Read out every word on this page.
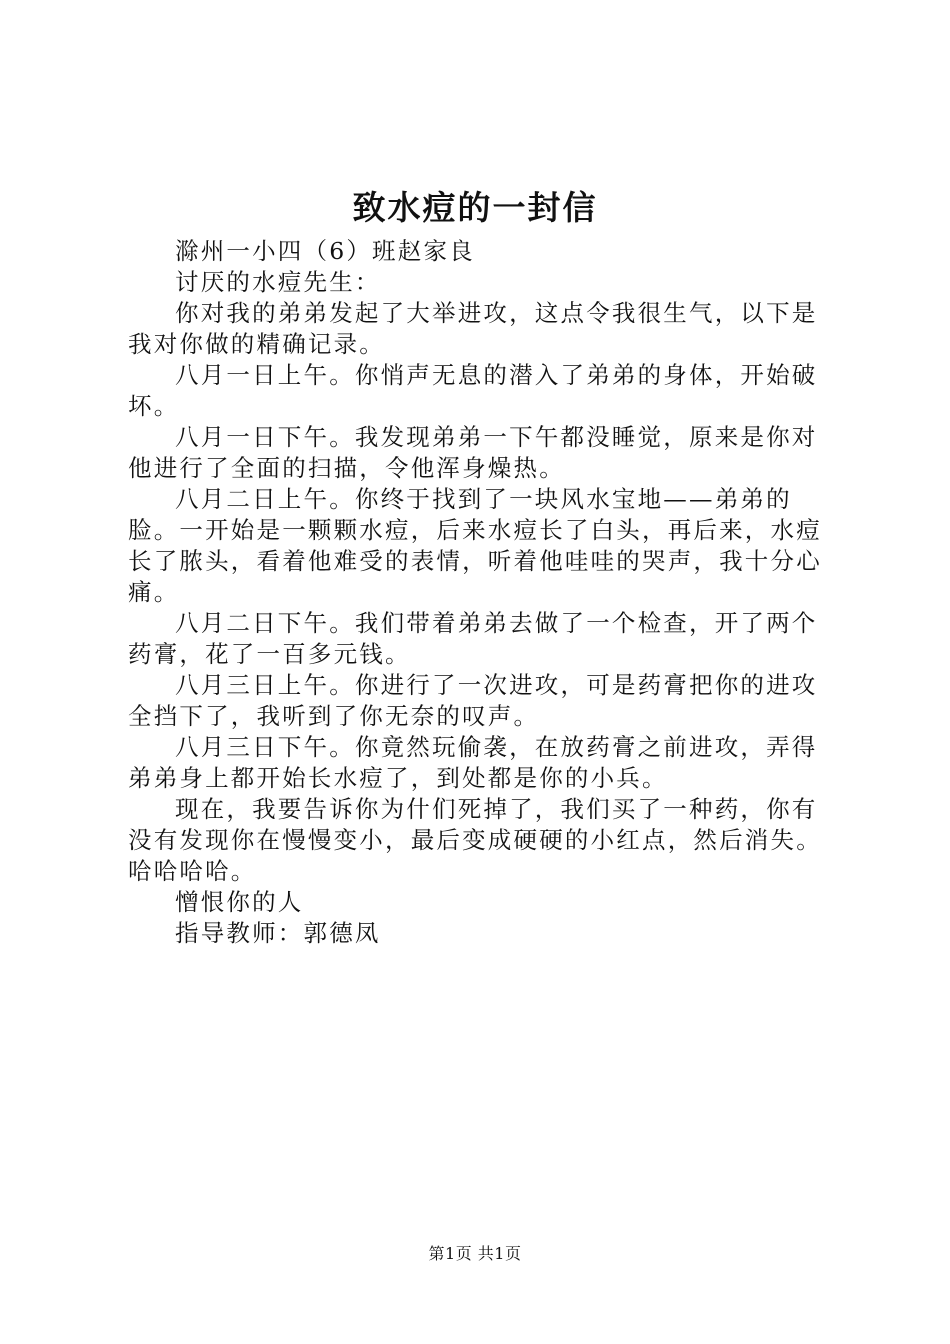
致水痘的一封信

滁州一小四（6）班赵家良

讨厌的水痘先生：

你对我的弟弟发起了大举进攻，这点令我很生气，以下是我对你做的精确记录。

八月一日上午。你悄声无息的潜入了弟弟的身体，开始破坏。

八月一日下午。我发现弟弟一下午都没睡觉，原来是你对他进行了全面的扫描，令他浑身燥热。

八月二日上午。你终于找到了一块风水宝地——弟弟的脸。一开始是一颗颗水痘，后来水痘长了白头，再后来，水痘长了脓头，看着他难受的表情，听着他哇哇的哭声，我十分心痛。

八月二日下午。我们带着弟弟去做了一个检查，开了两个药膏，花了一百多元钱。

八月三日上午。你进行了一次进攻，可是药膏把你的进攻全挡下了，我听到了你无奈的叹声。

八月三日下午。你竟然玩偷袭，在放药膏之前进攻，弄得弟弟身上都开始长水痘了，到处都是你的小兵。

现在，我要告诉你为什们死掉了，我们买了一种药，你有没有发现你在慢慢变小，最后变成硬硬的小红点，然后消失。哈哈哈哈。

憎恨你的人

指导教师：郭德凤

第1页 共1页
